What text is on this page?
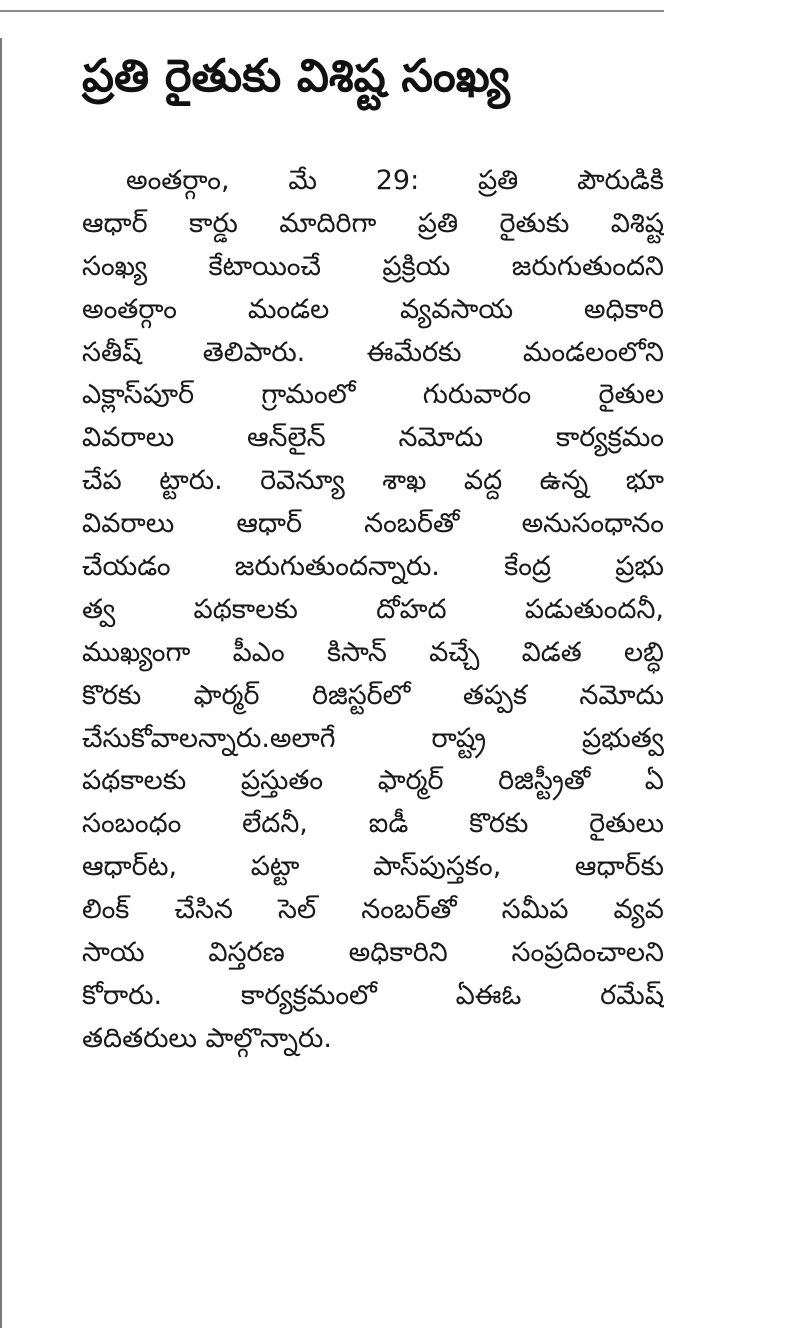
ప్రతి రైతుకు విశిష్ట సంఖ్య
అంతర్గాం, మే 29: ప్రతి పౌరుడికి
ఆధార్ కార్డు మాదిరిగా ప్రతి రైతుకు విశిష్ట
సంఖ్య కేటాయించే ప్రక్రియ జరుగుతుందని
అంతర్గాం మండల వ్యవసాయ అధికారి
సతీష్ తెలిపారు. ఈమేరకు మండలంలోని
ఎక్లాస్‌పూర్ గ్రామంలో గురువారం రైతుల
వివరాలు ఆన్‌లైన్ నమోదు కార్యక్రమం
చేప ట్టారు. రెవెన్యూ శాఖ వద్ద ఉన్న భూ
వివరాలు ఆధార్ నంబర్‌తో అనుసంధానం
చేయడం జరుగుతుందన్నారు. కేంద్ర ప్రభు
త్వ పథకాలకు దోహద పడుతుందనీ,
ముఖ్యంగా పీఎం కిసాన్ వచ్చే విడత లబ్ధి
కొరకు ఫార్మర్ రిజిస్టర్‌లో తప్పక నమోదు
చేసుకోవాలన్నారు.అలాగే రాష్ట్ర ప్రభుత్వ
పథకాలకు ప్రస్తుతం ఫార్మర్ రిజిస్ట్రీతో ఏ
సంబంధం లేదనీ, ఐడీ కొరకు రైతులు
ఆధార్‌ట, పట్టా పాస్‌పుస్తకం, ఆధార్‌కు
లింక్ చేసిన సెల్ నంబర్‌తో సమీప వ్యవ
సాయ విస్తరణ అధికారిని సంప్రదించాలని
కోరారు. కార్యక్రమంలో ఏఈఓ రమేష్
తదితరులు పాల్గొన్నారు.
